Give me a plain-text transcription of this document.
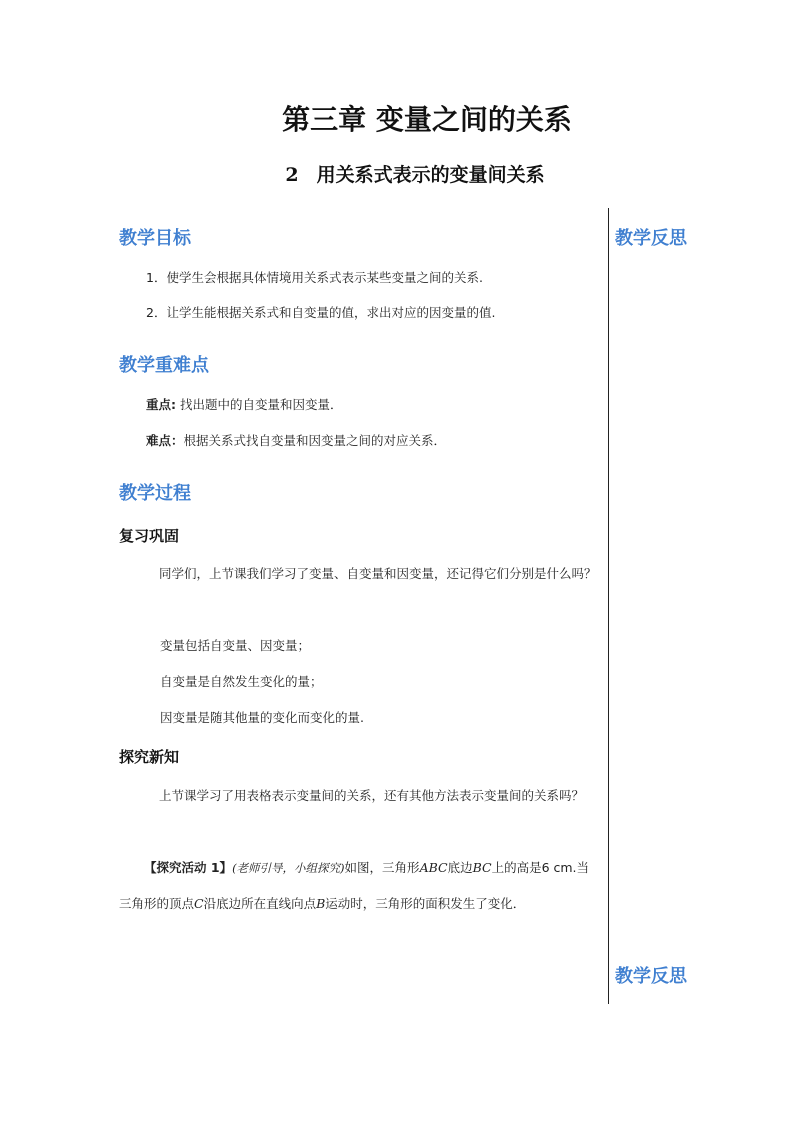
第三章 变量之间的关系
2 用关系式表示的变量间关系
教学反思
教学反思
教学目标
1．使学生会根据具体情境用关系式表示某些变量之间的关系.
2．让学生能根据关系式和自变量的值，求出对应的因变量的值.
教学重难点
重点: 找出题中的自变量和因变量．
难点：根据关系式找自变量和因变量之间的对应关系．
教学过程
复习巩固
同学们，上节课我们学习了变量、自变量和因变量，还记得它们分别是什么吗？
变量包括自变量、因变量；
自变量是自然发生变化的量；
因变量是随其他量的变化而变化的量.
探究新知
上节课学习了用表格表示变量间的关系，还有其他方法表示变量间的关系吗？
【探究活动 1】(老师引导，小组探究)如图，三角形ABC底边BC上的高是6 cm.当三角形的顶点C沿底边所在直线向点B运动时，三角形的面积发生了变化．
